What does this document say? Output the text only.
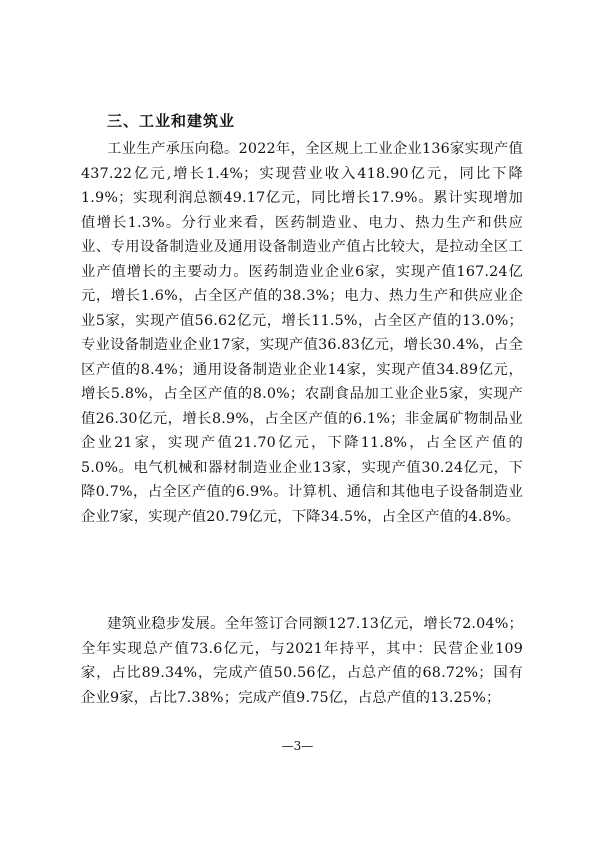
三、工业和建筑业
工业生产承压向稳。2022年，全区规上工业企业136家实现产值437.22亿元,增长1.4%；实现营业收入418.90亿元，同比下降1.9%；实现利润总额49.17亿元，同比增长17.9%。累计实现增加值增长1.3%。分行业来看，医药制造业、电力、热力生产和供应业、专用设备制造业及通用设备制造业产值占比较大，是拉动全区工业产值增长的主要动力。医药制造业企业6家，实现产值167.24亿元，增长1.6%，占全区产值的38.3%；电力、热力生产和供应业企业5家，实现产值56.62亿元，增长11.5%，占全区产值的13.0%；专业设备制造业企业17家，实现产值36.83亿元，增长30.4%，占全区产值的8.4%；通用设备制造业企业14家，实现产值34.89亿元，增长5.8%，占全区产值的8.0%；农副食品加工业企业5家，实现产值26.30亿元，增长8.9%，占全区产值的6.1%；非金属矿物制品业企业21家，实现产值21.70亿元，下降11.8%，占全区产值的5.0%。电气机械和器材制造业企业13家，实现产值30.24亿元，下降0.7%，占全区产值的6.9%。计算机、通信和其他电子设备制造业企业7家，实现产值20.79亿元，下降34.5%，占全区产值的4.8%。
建筑业稳步发展。全年签订合同额127.13亿元，增长72.04%；全年实现总产值73.6亿元，与2021年持平，其中：民营企业109家，占比89.34%，完成产值50.56亿，占总产值的68.72%；国有企业9家，占比7.38%；完成产值9.75亿，占总产值的13.25%；
—3—
